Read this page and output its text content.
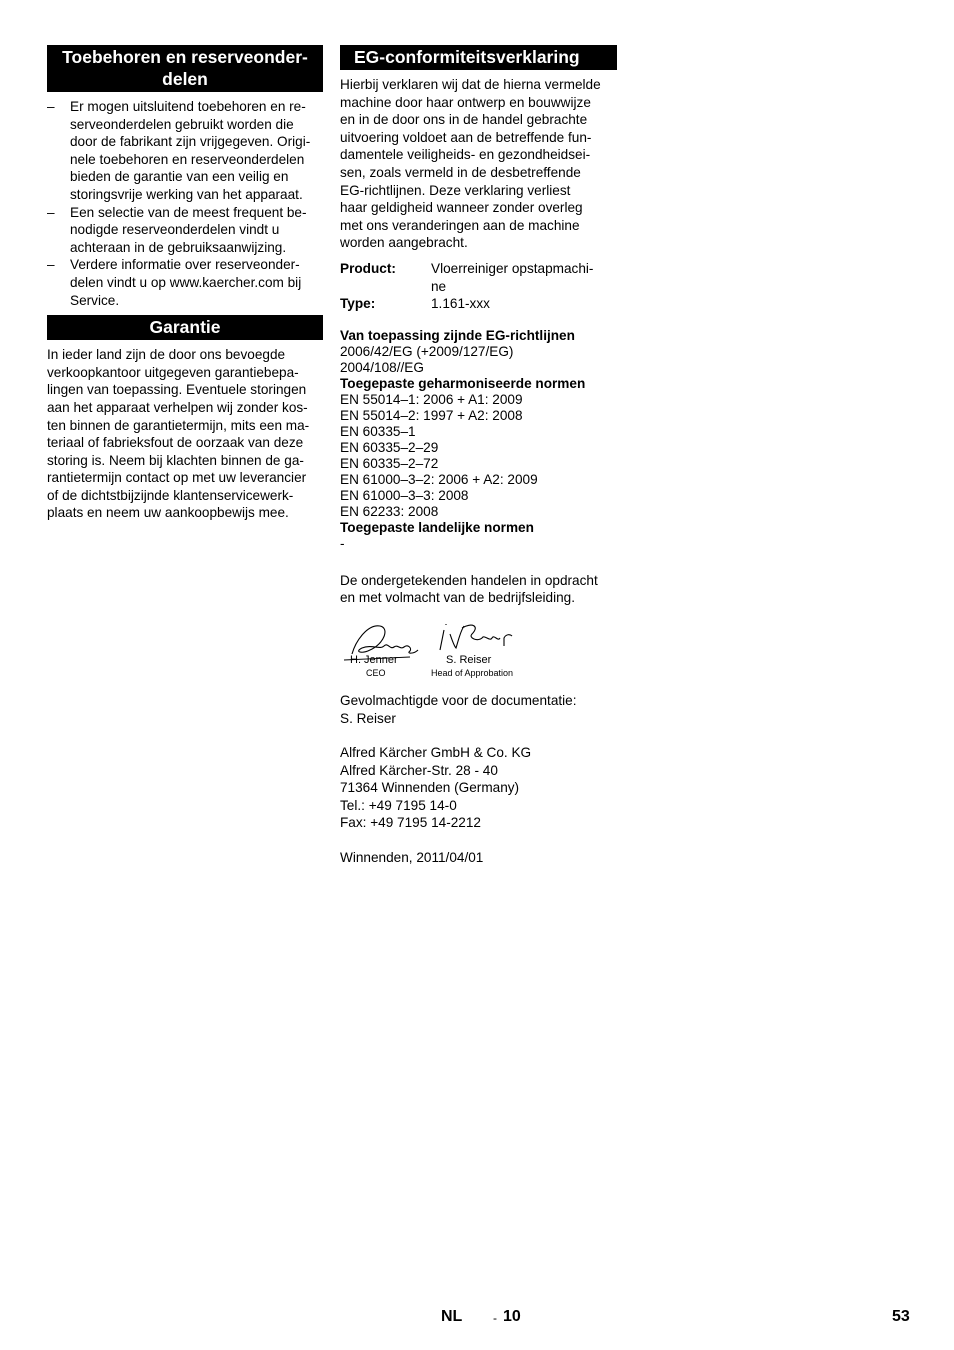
Toebehoren en reserveonder-
delen
– Er mogen uitsluitend toebehoren en re-
serveonderdelen gebruikt worden die
door de fabrikant zijn vrijgegeven. Origi-
nele toebehoren en reserveonderdelen
bieden de garantie van een veilig en
storingsvrije werking van het apparaat.
– Een selectie van de meest frequent be-
nodigde reserveonderdelen vindt u
achteraan in de gebruiksaanwijzing.
– Verdere informatie over reserveonder-
delen vindt u op www.kaercher.com bij
Service.
Garantie
In ieder land zijn de door ons bevoegde
verkoopkantoor uitgegeven garantiebepa-
lingen van toepassing. Eventuele storingen
aan het apparaat verhelpen wij zonder kos-
ten binnen de garantietermijn, mits een ma-
teriaal of fabrieksfout de oorzaak van deze
storing is. Neem bij klachten binnen de ga-
rantietermijn contact op met uw leverancier
of de dichtstbijzijnde klantenservicewerk-
plaats en neem uw aankoopbewijs mee.
EG-conformiteitsverklaring
Hierbij verklaren wij dat de hierna vermelde
machine door haar ontwerp en bouwwijze
en in de door ons in de handel gebrachte
uitvoering voldoet aan de betreffende fun-
damentele veiligheids- en gezondheidsei-
sen, zoals vermeld in de desbetreffende
EG-richtlijnen. Deze verklaring verliest
haar geldigheid wanneer zonder overleg
met ons veranderingen aan de machine
worden aangebracht.
Product:	Vloerreiniger opstapmachi-
ne

Type:	1.161-xxx
Van toepassing zijnde EG-richtlijnen
2006/42/EG (+2009/127/EG)
2004/108//EG
Toegepaste geharmoniseerde normen
EN 55014–1: 2006 + A1: 2009
EN 55014–2: 1997 + A2: 2008
EN 60335–1
EN 60335–2–29
EN 60335–2–72
EN 61000–3–2: 2006 + A2: 2009
EN 61000–3–3: 2008
EN 62233: 2008
Toegepaste landelijke normen
-
De ondergetekenden handelen in opdracht
en met volmacht van de bedrijfsleiding.
H. Jenner
CEO
S. Reiser
Head of Approbation
Gevolmachtigde voor de documentatie:
S. Reiser
Alfred Kärcher GmbH & Co. KG
Alfred Kärcher-Str. 28 - 40
71364 Winnenden (Germany)
Tel.: +49 7195 14-0
Fax: +49 7195 14-2212
Winnenden, 2011/04/01
NL	- 10	53
